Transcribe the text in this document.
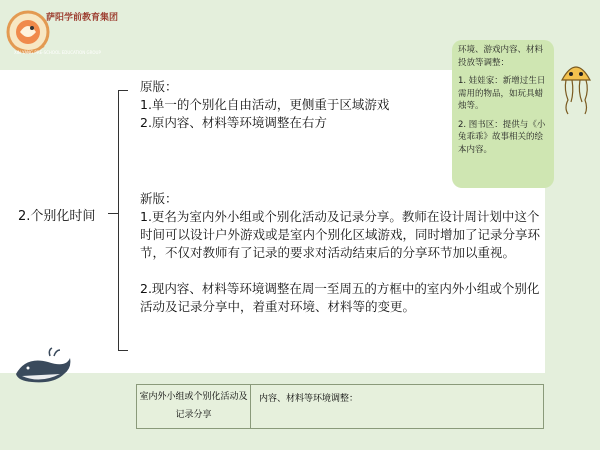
萨阳学前教育集团
XIN YANG PRE-SCHOOL EDUCATION GROUP	环境、游戏内容、材料投放等调整：

1. 娃娃家：新增过生日需用的物品，如玩具蜡烛等。

2. 图书区：提供与《小兔乖乖》故事相关的绘本内容。

2.个别化时间
原版：
1.单一的个别化自由活动，更侧重于区域游戏
2.原内容、材料等环境调整在右方

新版：

1.更名为室内外小组或个别化活动及记录分享。教师在设计周计划中这个时间可以设计户外游戏或是室内个别化区域游戏，同时增加了记录分享环节，不仅对教师有了记录的要求对活动结束后的分享环节加以重视。

2.现内容、材料等环境调整在周一至周五的方框中的室内外小组或个别化活动及记录分享中，着重对环境、材料等的变更。

室内外小组或个别化活动及记录分享
内容、材料等环境调整：
